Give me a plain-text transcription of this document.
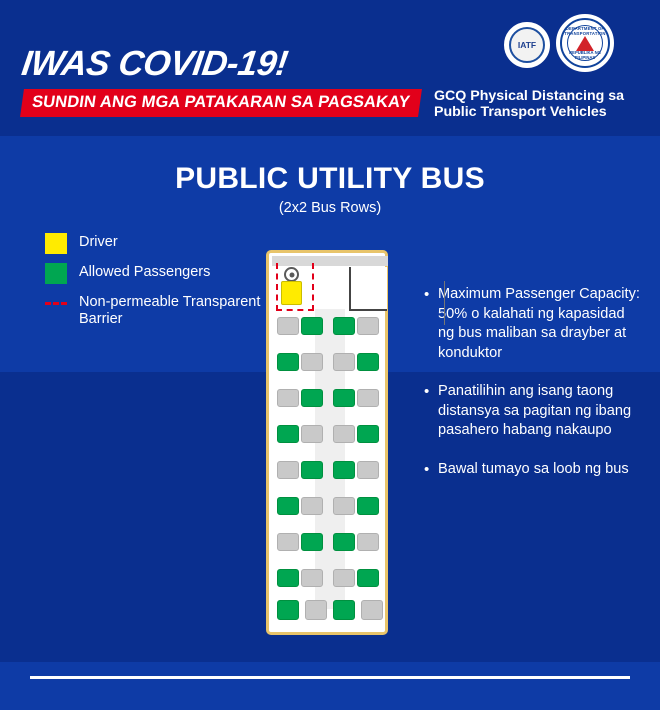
IWAS COVID-19!
SUNDIN ANG MGA PATAKARAN SA PAGSAKAY GCQ Physical Distancing sa
Public Transport Vehicles
IATF
DEPARTMENT OF TRANSPORTATION
REPUBLIKA NG PILIPINAS
PUBLIC UTILITY BUS
(2x2 Bus Rows)
Driver
Allowed Passengers
Non-permeable Transparent Barrier
• Maximum Passenger Capacity: 50% o kalahati ng kapasidad ng bus maliban sa drayber at konduktor
• Panatilihin ang isang taong distansya sa pagitan ng ibang pasahero habang nakaupo
• Bawal tumayo sa loob ng bus
